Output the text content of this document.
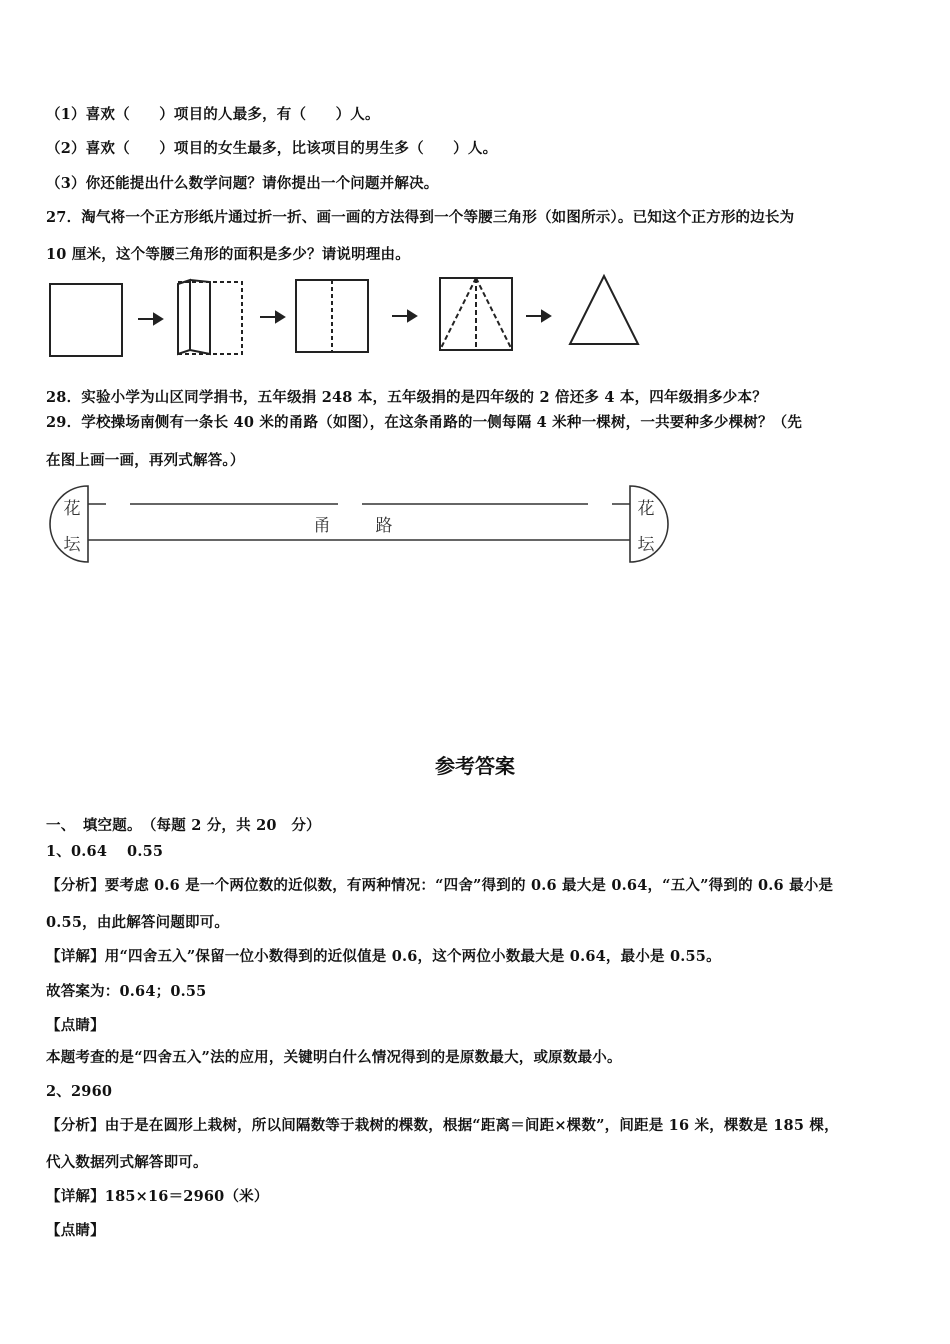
（1）喜欢（　　）项目的人最多，有（　　）人。
（2）喜欢（　　）项目的女生最多，比该项目的男生多（　　）人。
（3）你还能提出什么数学问题？请你提出一个问题并解决。
27．淘气将一个正方形纸片通过折一折、画一画的方法得到一个等腰三角形（如图所示）。已知这个正方形的边长为
10 厘米，这个等腰三角形的面积是多少？请说明理由。
28．实验小学为山区同学捐书，五年级捐 248 本，五年级捐的是四年级的 2 倍还多 4 本，四年级捐多少本？
29．学校操场南侧有一条长 40 米的甬路（如图），在这条甬路的一侧每隔 4 米种一棵树，一共要种多少棵树？（先
在图上画一画，再列式解答。）
花
坛
花
坛
甬	路
参考答案
一、　填空题。　（每题 2 分，共 20　分）
1、0.64　 0.55
【分析】要考虑 0.6 是一个两位数的近似数，有两种情况：“四舍”得到的 0.6 最大是 0.64，“五入”得到的 0.6 最小是
0.55，由此解答问题即可。
【详解】用“四舍五入”保留一位小数得到的近似值是 0.6，这个两位小数最大是 0.64，最小是 0.55。
故答案为：0.64；0.55
【点睛】
本题考查的是“四舍五入”法的应用，关键明白什么情况得到的是原数最大，或原数最小。
2、2960
【分析】由于是在圆形上栽树，所以间隔数等于栽树的棵数，根据“距离＝间距×棵数”，间距是 16 米，棵数是 185 棵，
代入数据列式解答即可。
【详解】185×16＝2960（米）
【点睛】
